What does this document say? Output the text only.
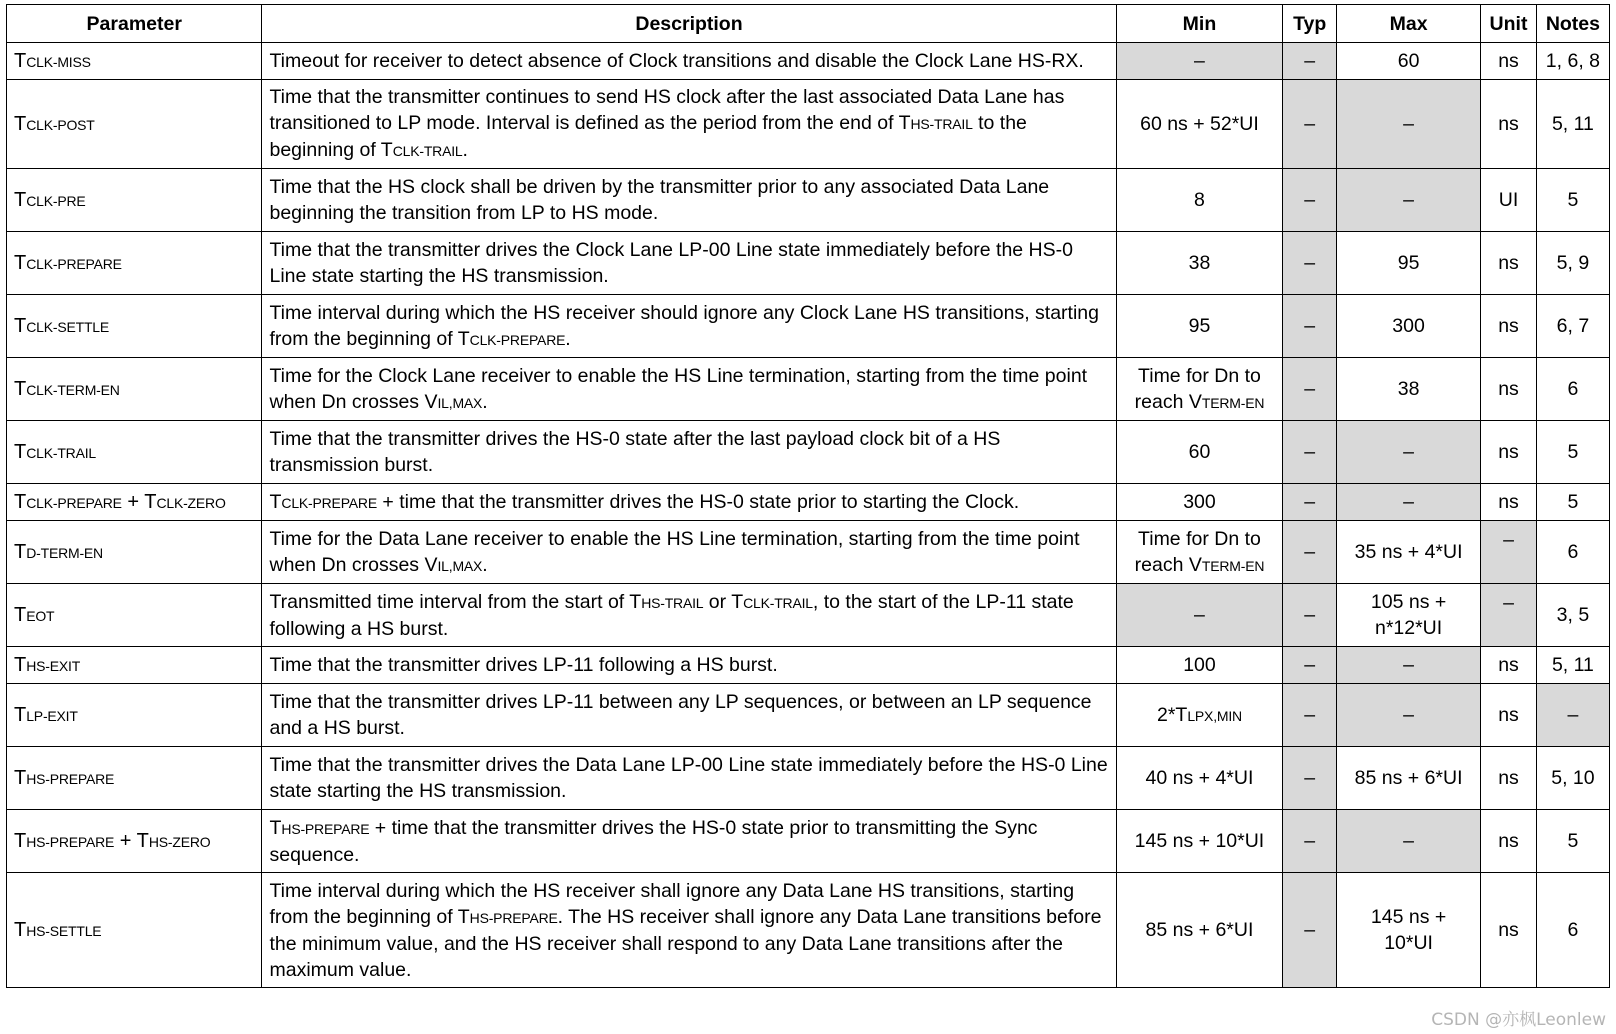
Parameter	Description	Min	Typ	Max	Unit	Notes
TCLK-MISS	Timeout for receiver to detect absence of Clock transitions and disable the Clock Lane HS-RX.	–	–	60	ns	1, 6, 8
TCLK-POST	Time that the transmitter continues to send HS clock after the last associated Data Lane has transitioned to LP mode. Interval is defined as the period from the end of THS-TRAIL to the beginning of TCLK-TRAIL.	60 ns + 52*UI	–	–	ns	5, 11
TCLK-PRE	Time that the HS clock shall be driven by the transmitter prior to any associated Data Lane beginning the transition from LP to HS mode.	8	–	–	UI	5
TCLK-PREPARE	Time that the transmitter drives the Clock Lane LP-00 Line state immediately before the HS-0 Line state starting the HS transmission.	38	–	95	ns	5, 9
TCLK-SETTLE	Time interval during which the HS receiver should ignore any Clock Lane HS transitions, starting from the beginning of TCLK-PREPARE.	95	–	300	ns	6, 7
TCLK-TERM-EN	Time for the Clock Lane receiver to enable the HS Line termination, starting from the time point when Dn crosses VIL,MAX.	Time for Dn to reach VTERM-EN	–	38	ns	6
TCLK-TRAIL	Time that the transmitter drives the HS-0 state after the last payload clock bit of a HS transmission burst.	60	–	–	ns	5
TCLK-PREPARE + TCLK-ZERO	TCLK-PREPARE + time that the transmitter drives the HS-0 state prior to starting the Clock.	300	–	–	ns	5
TD-TERM-EN	Time for the Data Lane receiver to enable the HS Line termination, starting from the time point when Dn crosses VIL,MAX.	Time for Dn to reach VTERM-EN	–	35 ns + 4*UI	–	6
TEOT	Transmitted time interval from the start of THS-TRAIL or TCLK-TRAIL, to the start of the LP-11 state following a HS burst.	–	–	105 ns + n*12*UI	–	3, 5
THS-EXIT	Time that the transmitter drives LP-11 following a HS burst.	100	–	–	ns	5, 11
TLP-EXIT	Time that the transmitter drives LP-11 between any LP sequences, or between an LP sequence and a HS burst.	2*TLPX,MIN	–	–	ns	–
THS-PREPARE	Time that the transmitter drives the Data Lane LP-00 Line state immediately before the HS-0 Line state starting the HS transmission.	40 ns + 4*UI	–	85 ns + 6*UI	ns	5, 10
THS-PREPARE + THS-ZERO	THS-PREPARE + time that the transmitter drives the HS-0 state prior to transmitting the Sync sequence.	145 ns + 10*UI	–	–	ns	5
THS-SETTLE	Time interval during which the HS receiver shall ignore any Data Lane HS transitions, starting from the beginning of THS-PREPARE. The HS receiver shall ignore any Data Lane transitions before the minimum value, and the HS receiver shall respond to any Data Lane transitions after the maximum value.	85 ns + 6*UI	–	145 ns + 10*UI	ns	6
CSDN @亦枫Leonlew
